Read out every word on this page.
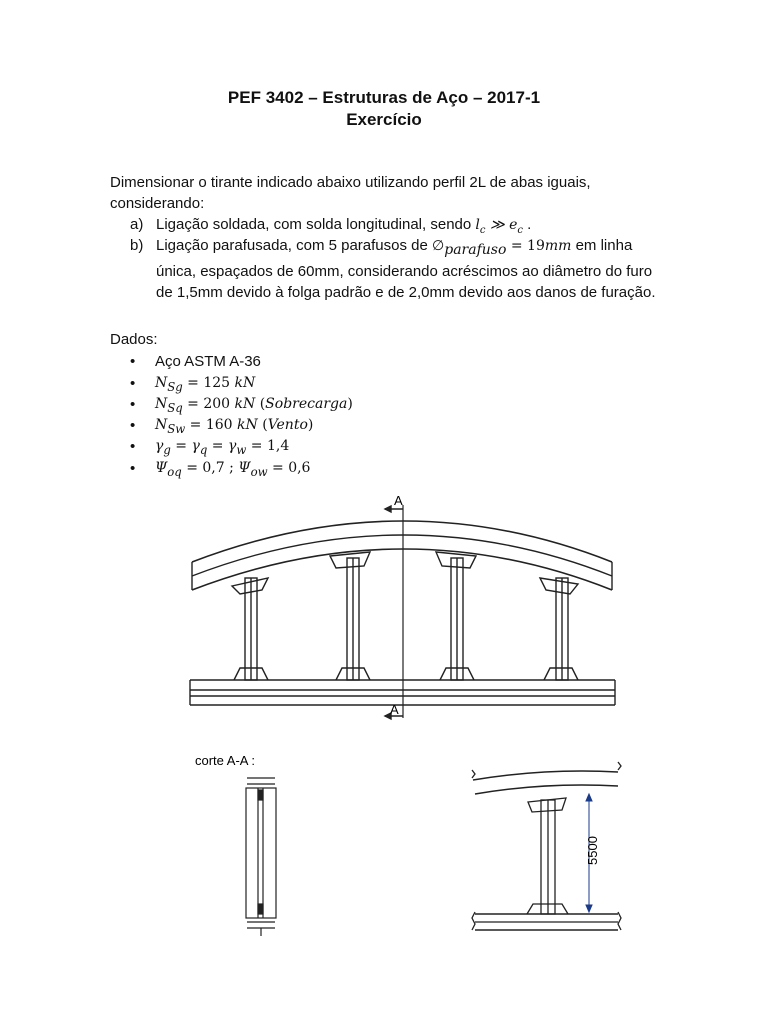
PEF 3402 – Estruturas de Aço – 2017-1
Exercício
Dimensionar o tirante indicado abaixo utilizando perfil 2L de abas iguais, considerando:
a) Ligação soldada, com solda longitudinal, sendo $l_c$ ≫ $e_c$ .
b) Ligação parafusada, com 5 parafusos de $\emptyset_{parafuso} = 19mm$ em linha única, espaçados de 60mm, considerando acréscimos ao diâmetro do furo de 1,5mm devido à folga padrão e de 2,0mm devido aos danos de furação.
Dados:
• Aço ASTM A-36
• $N_{Sg} = 125$ kN
• $N_{Sq} = 200$ kN (Sobrecarga)
• $N_{Sw} = 160$ kN (Vento)
• $\gamma_g = \gamma_q = \gamma_w = 1,4$
• $\Psi_{oq} = 0,7$ ; $\Psi_{ow} = 0,6$
A
A
corte A-A :
5500
